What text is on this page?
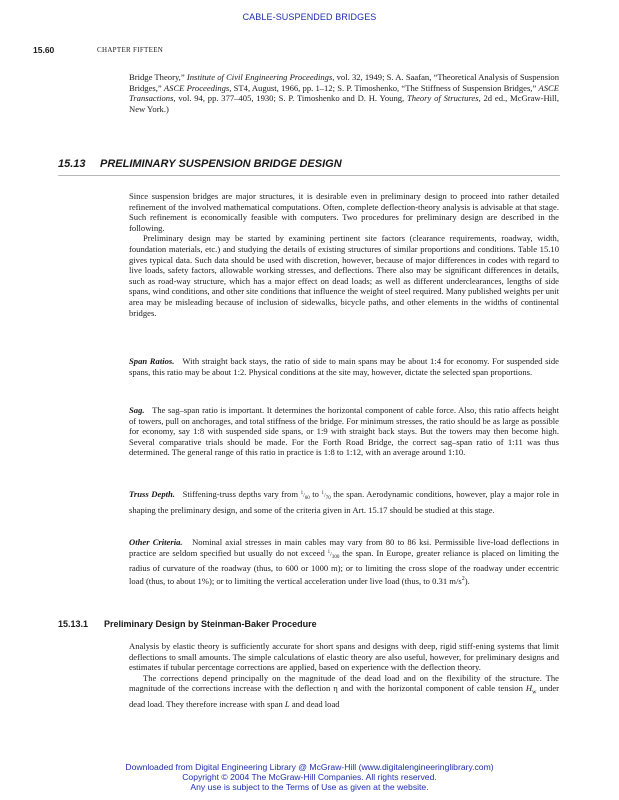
CABLE-SUSPENDED BRIDGES
15.60	CHAPTER FIFTEEN

Bridge Theory,” Institute of Civil Engineering Proceedings, vol. 32, 1949; S. A. Saafan, “Theoretical Analysis of Suspension Bridges,” ASCE Proceedings, ST4, August, 1966, pp. 1–12; S. P. Timoshenko, “The Stiffness of Suspension Bridges,” ASCE Transactions, vol. 94, pp. 377–405, 1930; S. P. Timoshenko and D. H. Young, Theory of Structures, 2d ed., McGraw-Hill, New York.)

15.13 PRELIMINARY SUSPENSION BRIDGE DESIGN

Since suspension bridges are major structures, it is desirable even in preliminary design to proceed into rather detailed refinement of the involved mathematical computations. Often, complete deflection-theory analysis is advisable at that stage. Such refinement is economically feasible with computers. Two procedures for preliminary design are described in the following.

Preliminary design may be started by examining pertinent site factors (clearance requirements, roadway, width, foundation materials, etc.) and studying the details of existing structures of similar proportions and conditions. Table 15.10 gives typical data. Such data should be used with discretion, however, because of major differences in codes with regard to live loads, safety factors, allowable working stresses, and deflections. There also may be significant differences in details, such as road-way structure, which has a major effect on dead loads; as well as different underclearances, lengths of side spans, wind conditions, and other site conditions that influence the weight of steel required. Many published weights per unit area may be misleading because of inclusion of sidewalks, bicycle paths, and other elements in the widths of continental bridges.

Span Ratios. With straight back stays, the ratio of side to main spans may be about 1:4 for economy. For suspended side spans, this ratio may be about 1:2. Physical conditions at the site may, however, dictate the selected span proportions.

Sag. The sag–span ratio is important. It determines the horizontal component of cable force. Also, this ratio affects height of towers, pull on anchorages, and total stiffness of the bridge. For minimum stresses, the ratio should be as large as possible for economy, say 1:8 with suspended side spans, or 1:9 with straight back stays. But the towers may then become high. Several comparative trials should be made. For the Forth Road Bridge, the correct sag–span ratio of 1:11 was thus determined. The general range of this ratio in practice is 1:8 to 1:12, with an average around 1:10.

Truss Depth. Stiffening-truss depths vary from $^1/_{60}$ to $^1/_{70}$ the span. Aerodynamic conditions, however, play a major role in shaping the preliminary design, and some of the criteria given in Art. 15.17 should be studied at this stage.

Other Criteria. Nominal axial stresses in main cables may vary from 80 to 86 ksi. Permissible live-load deflections in practice are seldom specified but usually do not exceed $^1/_{300}$ the span. In Europe, greater reliance is placed on limiting the radius of curvature of the roadway (thus, to 600 or 1000 m); or to limiting the cross slope of the roadway under eccentric load (thus, to about 1%); or to limiting the vertical acceleration under live load (thus, to 0.31 $m/s^2$).

15.13.1 Preliminary Design by Steinman-Baker Procedure

Analysis by elastic theory is sufficiently accurate for short spans and designs with deep, rigid stiff-ening systems that limit deflections to small amounts. The simple calculations of elastic theory are also useful, however, for preliminary designs and estimates if tubular percentage corrections are applied, based on experience with the deflection theory.

The corrections depend principally on the magnitude of the dead load and on the flexibility of the structure. The magnitude of the corrections increase with the deflection η and with the horizontal component of cable tension $H_w$ under dead load. They therefore increase with span L and dead load

Downloaded from Digital Engineering Library @ McGraw-Hill (www.digitalengineeringlibrary.com)
Copyright © 2004 The McGraw-Hill Companies. All rights reserved.
Any use is subject to the Terms of Use as given at the website.
